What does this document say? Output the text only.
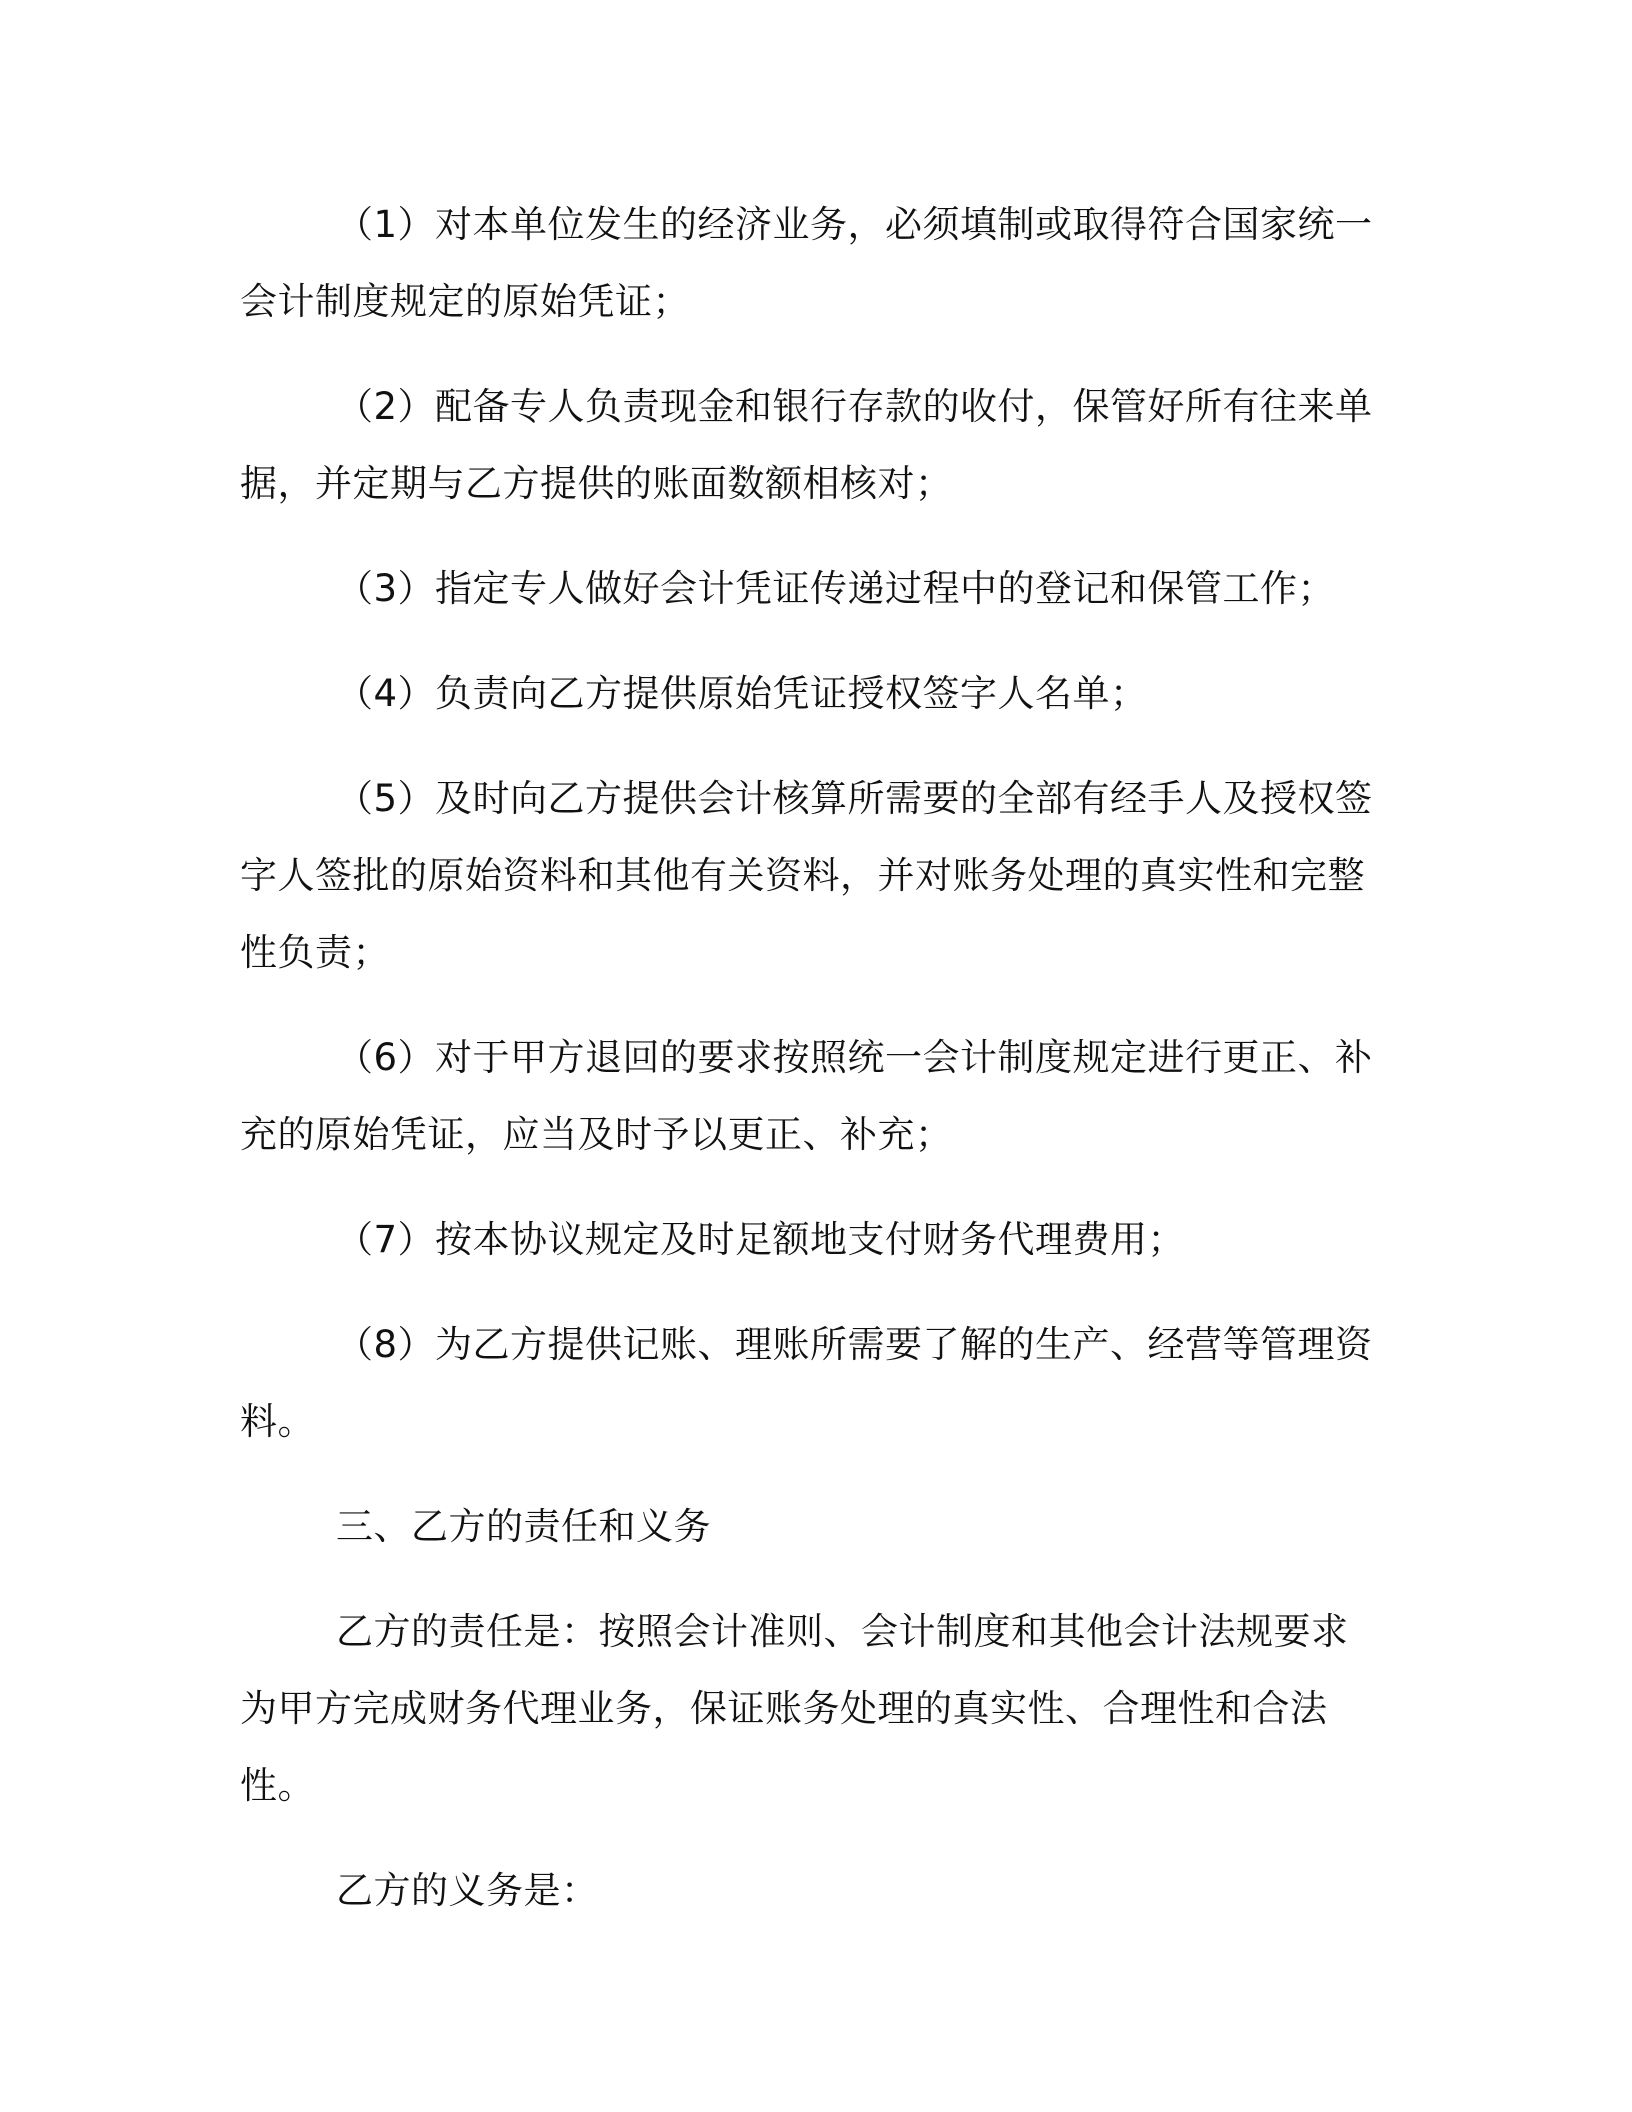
（1）对本单位发生的经济业务，必须填制或取得符合国家统一会计制度规定的原始凭证；

（2）配备专人负责现金和银行存款的收付，保管好所有往来单据，并定期与乙方提供的账面数额相核对；

（3）指定专人做好会计凭证传递过程中的登记和保管工作；

（4）负责向乙方提供原始凭证授权签字人名单；

（5）及时向乙方提供会计核算所需要的全部有经手人及授权签字人签批的原始资料和其他有关资料，并对账务处理的真实性和完整性负责；

（6）对于甲方退回的要求按照统一会计制度规定进行更正、补充的原始凭证，应当及时予以更正、补充；

（7）按本协议规定及时足额地支付财务代理费用；

（8）为乙方提供记账、理账所需要了解的生产、经营等管理资料。

三、乙方的责任和义务

乙方的责任是：按照会计准则、会计制度和其他会计法规要求为甲方完成财务代理业务，保证账务处理的真实性、合理性和合法性。

乙方的义务是：
